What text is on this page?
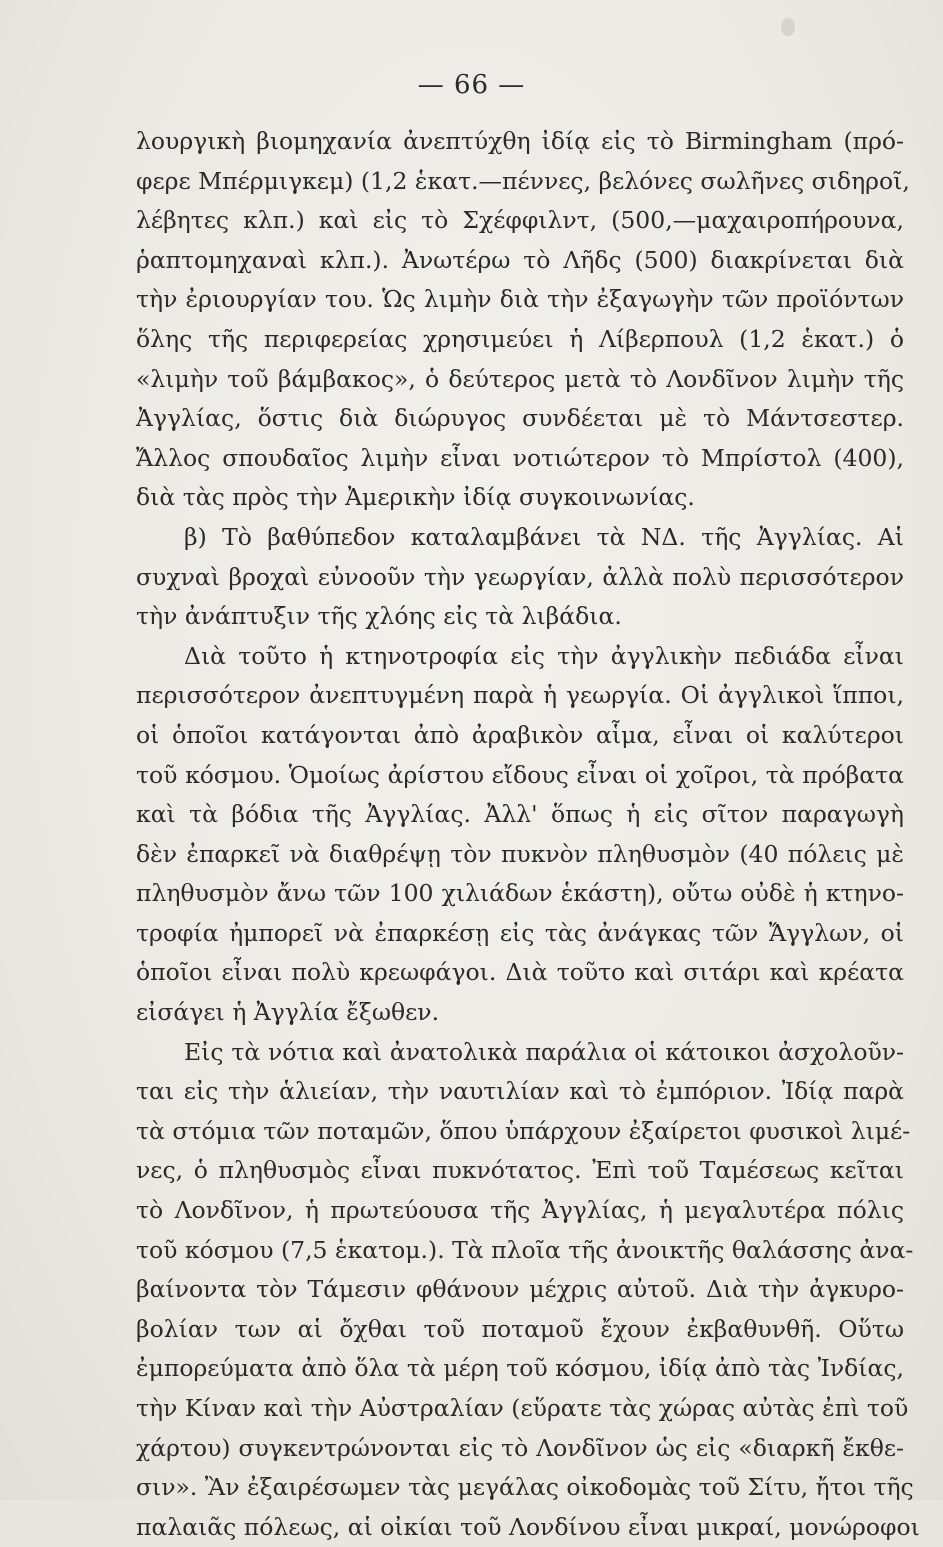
— 66 —
λουργικὴ βιομηχανία ἀνεπτύχθη ἰδίᾳ εἰς τὸ Birmingham (πρό-
φερε Μπέρμιγκεμ) (1,2 ἑκατ.—πέννες, βελόνες σωλῆνες σιδηροῖ,
λέβητες κλπ.) καὶ εἰς τὸ Σχέφφιλντ, (500,—μαχαιροπήρουνα,
ῥαπτομηχαναὶ κλπ.). Ἀνωτέρω τὸ Λῆδς (500) διακρίνεται διὰ
τὴν ἐριουργίαν του. Ὡς λιμὴν διὰ τὴν ἐξαγωγὴν τῶν προϊόντων
ὅλης τῆς περιφερείας χρησιμεύει ἡ Λίβερπουλ (1,2 ἑκατ.) ὁ
«λιμὴν τοῦ βάμβακος», ὁ δεύτερος μετὰ τὸ Λονδῖνον λιμὴν τῆς
Ἀγγλίας, ὅστις διὰ διώρυγος συνδέεται μὲ τὸ Μάντσεστερ.
Ἄλλος σπουδαῖος λιμὴν εἶναι νοτιώτερον τὸ Μπρίστολ (400),
διὰ τὰς πρὸς τὴν Ἀμερικὴν ἰδίᾳ συγκοινωνίας.
β) Τὸ βαθύπεδον καταλαμβάνει τὰ ΝΔ. τῆς Ἀγγλίας. Αἱ
συχναὶ βροχαὶ εὐνοοῦν τὴν γεωργίαν, ἀλλὰ πολὺ περισσότερον
τὴν ἀνάπτυξιν τῆς χλόης εἰς τὰ λιβάδια.
Διὰ τοῦτο ἡ κτηνοτροφία εἰς τὴν ἀγγλικὴν πεδιάδα εἶναι
περισσότερον ἀνεπτυγμένη παρὰ ἡ γεωργία. Οἱ ἀγγλικοὶ ἵπποι,
οἱ ὁποῖοι κατάγονται ἀπὸ ἀραβικὸν αἷμα, εἶναι οἱ καλύτεροι
τοῦ κόσμου. Ὁμοίως ἀρίστου εἴδους εἶναι οἱ χοῖροι, τὰ πρόβατα
καὶ τὰ βόδια τῆς Ἀγγλίας. Ἀλλ' ὅπως ἡ εἰς σῖτον παραγωγὴ
δὲν ἐπαρκεῖ νὰ διαθρέψῃ τὸν πυκνὸν πληθυσμὸν (40 πόλεις μὲ
πληθυσμὸν ἄνω τῶν 100 χιλιάδων ἑκάστη), οὔτω οὐδὲ ἡ κτηνο-
τροφία ἠμπορεῖ νὰ ἐπαρκέσῃ εἰς τὰς ἀνάγκας τῶν Ἄγγλων, οἱ
ὁποῖοι εἶναι πολὺ κρεωφάγοι. Διὰ τοῦτο καὶ σιτάρι καὶ κρέατα
εἰσάγει ἡ Ἀγγλία ἔξωθεν.
Εἰς τὰ νότια καὶ ἀνατολικὰ παράλια οἱ κάτοικοι ἀσχολοῦν-
ται εἰς τὴν ἁλιείαν, τὴν ναυτιλίαν καὶ τὸ ἐμπόριον. Ἰδίᾳ παρὰ
τὰ στόμια τῶν ποταμῶν, ὅπου ὑπάρχουν ἐξαίρετοι φυσικοὶ λιμέ-
νες, ὁ πληθυσμὸς εἶναι πυκνότατος. Ἐπὶ τοῦ Ταμέσεως κεῖται
τὸ Λονδῖνον, ἡ πρωτεύουσα τῆς Ἀγγλίας, ἡ μεγαλυτέρα πόλις
τοῦ κόσμου (7,5 ἑκατομ.). Τὰ πλοῖα τῆς ἀνοικτῆς θαλάσσης ἀνα-
βαίνοντα τὸν Τάμεσιν φθάνουν μέχρις αὐτοῦ. Διὰ τὴν ἀγκυρο-
βολίαν των αἱ ὄχθαι τοῦ ποταμοῦ ἔχουν ἐκβαθυνθῆ. Οὕτω
ἐμπορεύματα ἀπὸ ὅλα τὰ μέρη τοῦ κόσμου, ἰδίᾳ ἀπὸ τὰς Ἰνδίας,
τὴν Κίναν καὶ τὴν Αὐστραλίαν (εὕρατε τὰς χώρας αὐτὰς ἐπὶ τοῦ
χάρτου) συγκεντρώνονται εἰς τὸ Λονδῖνον ὡς εἰς «διαρκῆ ἔκθε-
σιν». Ἂν ἐξαιρέσωμεν τὰς μεγάλας οἰκοδομὰς τοῦ Σίτυ, ἤτοι τῆς
παλαιᾶς πόλεως, αἱ οἰκίαι τοῦ Λονδίνου εἶναι μικραί, μονώροφοι
